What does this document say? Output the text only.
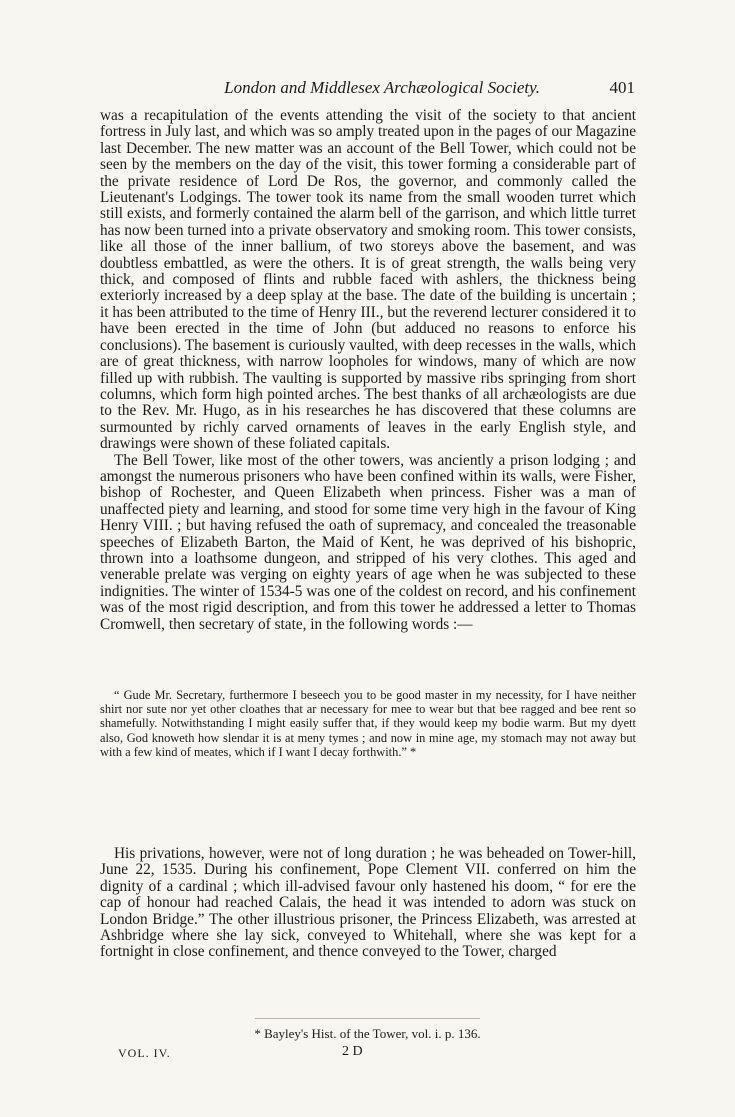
London and Middlesex Archæological Society.	401

was a recapitulation of the events attending the visit of the society to that ancient fortress in July last, and which was so amply treated upon in the pages of our Magazine last December. The new matter was an account of the Bell Tower, which could not be seen by the members on the day of the visit, this tower forming a considerable part of the private residence of Lord De Ros, the governor, and commonly called the Lieutenant's Lodgings. The tower took its name from the small wooden turret which still exists, and formerly contained the alarm bell of the garrison, and which little turret has now been turned into a private observatory and smoking room. This tower consists, like all those of the inner ballium, of two storeys above the basement, and was doubtless embattled, as were the others. It is of great strength, the walls being very thick, and composed of flints and rubble faced with ashlers, the thickness being exteriorly increased by a deep splay at the base. The date of the building is uncertain ; it has been attributed to the time of Henry III., but the reverend lecturer considered it to have been erected in the time of John (but adduced no reasons to enforce his conclusions). The basement is curiously vaulted, with deep recesses in the walls, which are of great thickness, with narrow loopholes for windows, many of which are now filled up with rubbish. The vaulting is supported by massive ribs springing from short columns, which form high pointed arches. The best thanks of all archæologists are due to the Rev. Mr. Hugo, as in his researches he has discovered that these columns are surmounted by richly carved ornaments of leaves in the early English style, and drawings were shown of these foliated capitals.

The Bell Tower, like most of the other towers, was anciently a prison lodging ; and amongst the numerous prisoners who have been confined within its walls, were Fisher, bishop of Rochester, and Queen Elizabeth when princess. Fisher was a man of unaffected piety and learning, and stood for some time very high in the favour of King Henry VIII. ; but having refused the oath of supremacy, and concealed the treasonable speeches of Elizabeth Barton, the Maid of Kent, he was deprived of his bishopric, thrown into a loathsome dungeon, and stripped of his very clothes. This aged and venerable prelate was verging on eighty years of age when he was subjected to these indignities. The winter of 1534-5 was one of the coldest on record, and his confinement was of the most rigid description, and from this tower he addressed a letter to Thomas Cromwell, then secretary of state, in the following words :—

“ Gude Mr. Secretary, furthermore I beseech you to be good master in my necessity, for I have neither shirt nor sute nor yet other cloathes that ar necessary for mee to wear but that bee ragged and bee rent so shamefully. Notwithstanding I might easily suffer that, if they would keep my bodie warm. But my dyett also, God knoweth how slendar it is at meny tymes ; and now in mine age, my stomach may not away but with a few kind of meates, which if I want I decay forthwith.” *

His privations, however, were not of long duration ; he was beheaded on Tower-hill, June 22, 1535. During his confinement, Pope Clement VII. conferred on him the dignity of a cardinal ; which ill-advised favour only hastened his doom, “ for ere the cap of honour had reached Calais, the head it was intended to adorn was stuck on London Bridge.” The other illustrious prisoner, the Princess Elizabeth, was arrested at Ashbridge where she lay sick, conveyed to Whitehall, where she was kept for a fortnight in close confinement, and thence conveyed to the Tower, charged

* Bayley's Hist. of the Tower, vol. i. p. 136.
VOL. IV.	2 D
